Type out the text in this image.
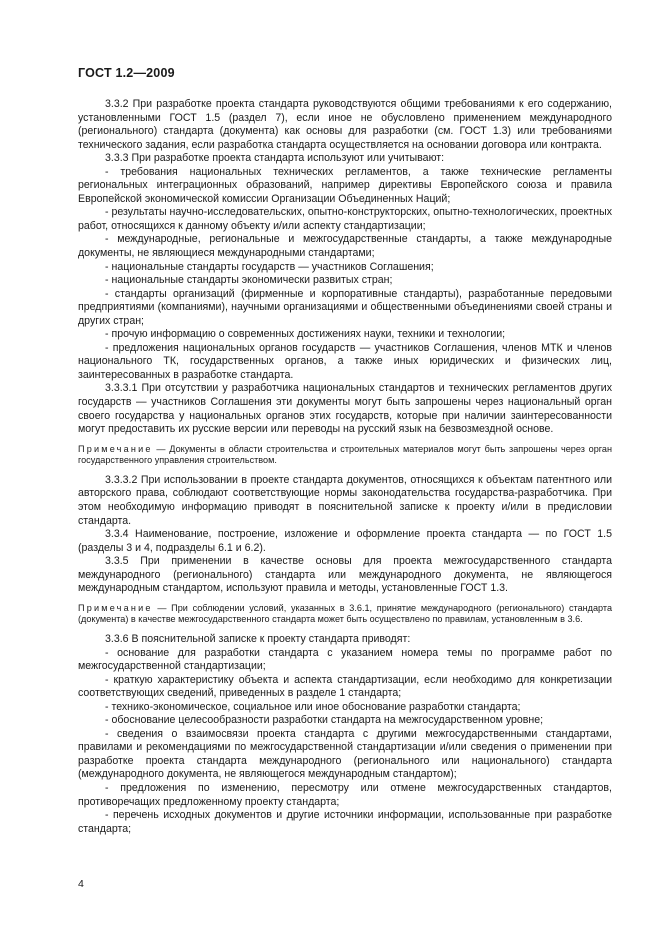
ГОСТ 1.2—2009

3.3.2 При разработке проекта стандарта руководствуются общими требованиями к его содержанию, установленными ГОСТ 1.5 (раздел 7), если иное не обусловлено применением международного (регионального) стандарта (документа) как основы для разработки (см. ГОСТ 1.3) или требованиями технического задания, если разработка стандарта осуществляется на основании договора или контракта.

3.3.3 При разработке проекта стандарта используют или учитывают:

- требования национальных технических регламентов, а также технические регламенты региональных интеграционных образований, например директивы Европейского союза и правила Европейской экономической комиссии Организации Объединенных Наций;

- результаты научно-исследовательских, опытно-конструкторских, опытно-технологических, проектных работ, относящихся к данному объекту и/или аспекту стандартизации;

- международные, региональные и межгосударственные стандарты, а также международные документы, не являющиеся международными стандартами;

- национальные стандарты государств — участников Соглашения;

- национальные стандарты экономически развитых стран;

- стандарты организаций (фирменные и корпоративные стандарты), разработанные передовыми предприятиями (компаниями), научными организациями и общественными объединениями своей страны и других стран;

- прочую информацию о современных достижениях науки, техники и технологии;

- предложения национальных органов государств — участников Соглашения, членов МТК и членов национального ТК, государственных органов, а также иных юридических и физических лиц, заинтересованных в разработке стандарта.

3.3.3.1 При отсутствии у разработчика национальных стандартов и технических регламентов других государств — участников Соглашения эти документы могут быть запрошены через национальный орган своего государства у национальных органов этих государств, которые при наличии заинтересованности могут предоставить их русские версии или переводы на русский язык на безвозмездной основе.

Примечание — Документы в области строительства и строительных материалов могут быть запрошены через орган государственного управления строительством.

3.3.3.2 При использовании в проекте стандарта документов, относящихся к объектам патентного или авторского права, соблюдают соответствующие нормы законодательства государства-разработчика. При этом необходимую информацию приводят в пояснительной записке к проекту и/или в предисловии стандарта.

3.3.4 Наименование, построение, изложение и оформление проекта стандарта — по ГОСТ 1.5 (разделы 3 и 4, подразделы 6.1 и 6.2).

3.3.5 При применении в качестве основы для проекта межгосударственного стандарта международного (регионального) стандарта или международного документа, не являющегося международным стандартом, используют правила и методы, установленные ГОСТ 1.3.

Примечание — При соблюдении условий, указанных в 3.6.1, принятие международного (регионального) стандарта (документа) в качестве межгосударственного стандарта может быть осуществлено по правилам, установленным в 3.6.

3.3.6 В пояснительной записке к проекту стандарта приводят:

- основание для разработки стандарта с указанием номера темы по программе работ по межгосударственной стандартизации;

- краткую характеристику объекта и аспекта стандартизации, если необходимо для конкретизации соответствующих сведений, приведенных в разделе 1 стандарта;

- технико-экономическое, социальное или иное обоснование разработки стандарта;

- обоснование целесообразности разработки стандарта на межгосударственном уровне;

- сведения о взаимосвязи проекта стандарта с другими межгосударственными стандартами, правилами и рекомендациями по межгосударственной стандартизации и/или сведения о применении при разработке проекта стандарта международного (регионального или национального) стандарта (международного документа, не являющегося международным стандартом);

- предложения по изменению, пересмотру или отмене межгосударственных стандартов, противоречащих предложенному проекту стандарта;

- перечень исходных документов и другие источники информации, использованные при разработке стандарта;

4
